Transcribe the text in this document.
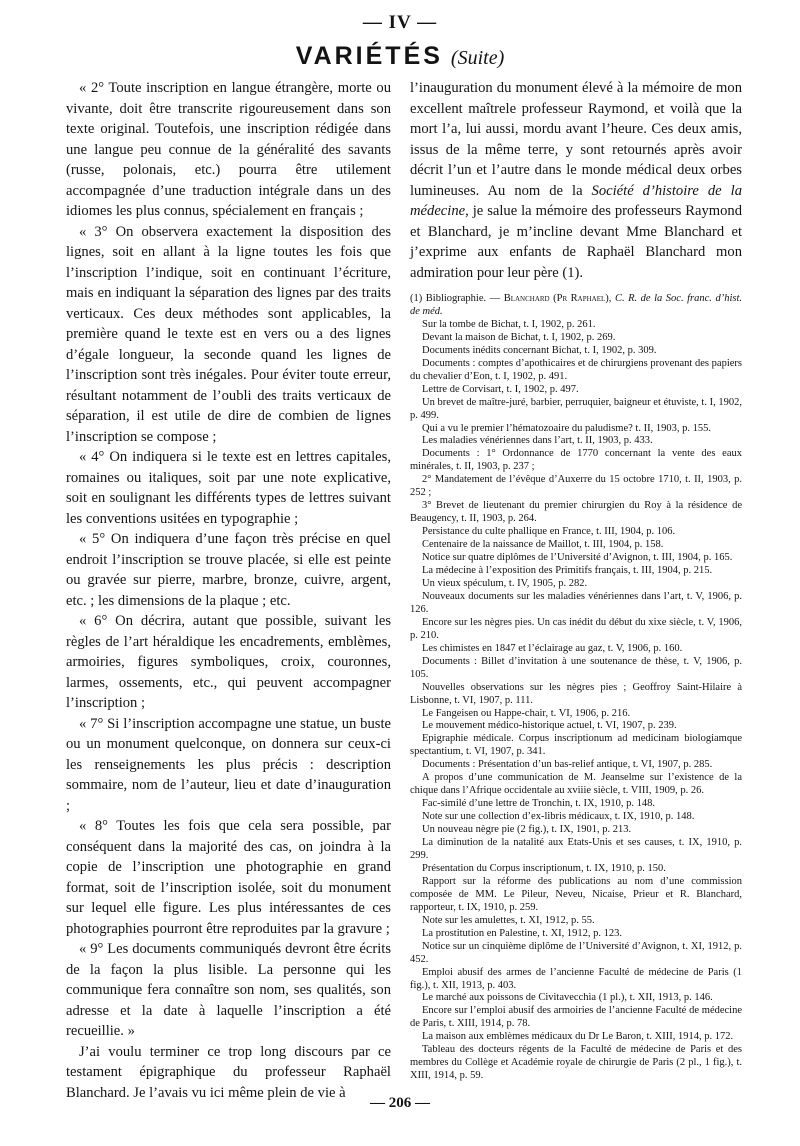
— IV —
VARIÉTÉS (Suite)

« 2° Toute inscription en langue étrangère, morte ou vivante, doit être transcrite rigoureusement dans son texte original. Toutefois, une inscription rédigée dans une langue peu connue de la généralité des savants (russe, polonais, etc.) pourra être utilement accompagnée d’une traduction intégrale dans un des idiomes les plus connus, spécialement en français ;

« 3° On observera exactement la disposition des lignes, soit en allant à la ligne toutes les fois que l’inscription l’indique, soit en continuant l’écriture, mais en indiquant la séparation des lignes par des traits verticaux. Ces deux méthodes sont applicables, la première quand le texte est en vers ou a des lignes d’égale longueur, la seconde quand les lignes de l’inscription sont très inégales. Pour éviter toute erreur, résultant notamment de l’oubli des traits verticaux de séparation, il est utile de dire de combien de lignes l’inscription se compose ;

« 4° On indiquera si le texte est en lettres capitales, romaines ou italiques, soit par une note explicative, soit en soulignant les différents types de lettres suivant les conventions usitées en typographie ;

« 5° On indiquera d’une façon très précise en quel endroit l’inscription se trouve placée, si elle est peinte ou gravée sur pierre, marbre, bronze, cuivre, argent, etc. ; les dimensions de la plaque ; etc.

« 6° On décrira, autant que possible, suivant les règles de l’art héraldique les encadrements, emblèmes, armoiries, figures symboliques, croix, couronnes, larmes, ossements, etc., qui peuvent accompagner l’inscription ;

« 7° Si l’inscription accompagne une statue, un buste ou un monument quelconque, on donnera sur ceux-ci les renseignements les plus précis : description sommaire, nom de l’auteur, lieu et date d’inauguration ;

« 8° Toutes les fois que cela sera possible, par conséquent dans la majorité des cas, on joindra à la copie de l’inscription une photographie en grand format, soit de l’inscription isolée, soit du monument sur lequel elle figure. Les plus intéressantes de ces photographies pourront être reproduites par la gravure ;

« 9° Les documents communiqués devront être écrits de la façon la plus lisible. La personne qui les communique fera connaître son nom, ses qualités, son adresse et la date à laquelle l’inscription a été recueillie. »

J’ai voulu terminer ce trop long discours par ce testament épigraphique du professeur Raphaël Blanchard. Je l’avais vu ici même plein de vie à

l’inauguration du monument élevé à la mémoire de mon excellent maîtrele professeur Raymond, et voilà que la mort l’a, lui aussi, mordu avant l’heure. Ces deux amis, issus de la même terre, y sont retournés après avoir décrit l’un et l’autre dans le monde médical deux orbes lumineuses. Au nom de la Société d’histoire de la médecine, je salue la mémoire des professeurs Raymond et Blanchard, je m’incline devant Mme Blanchard et j’exprime aux enfants de Raphaël Blanchard mon admiration pour leur père (1).

(1) Bibliographie. — Blanchard (Pr Raphael), C. R. de la Soc. franc. d’hist. de méd.
Sur la tombe de Bichat, t. I, 1902, p. 261.
Devant la maison de Bichat, t. I, 1902, p. 269.
Documents inédits concernant Bichat, t. I, 1902, p. 309.
Documents : comptes d’apothicaires et de chirurgiens provenant des papiers du chevalier d’Eon, t. I, 1902, p. 491.
Lettre de Corvisart, t. I, 1902, p. 497.
Un brevet de maître-juré, barbier, perruquier, baigneur et étuviste, t. I, 1902, p. 499.
Qui a vu le premier l’hématozoaire du paludisme? t. II, 1903, p. 155.
Les maladies vénériennes dans l’art, t. II, 1903, p. 433.
Documents : 1° Ordonnance de 1770 concernant la vente des eaux minérales, t. II, 1903, p. 237 ;
2° Mandatement de l’évêque d’Auxerre du 15 octobre 1710, t. II, 1903, p. 252 ;
3° Brevet de lieutenant du premier chirurgien du Roy à la résidence de Beaugency, t. II, 1903, p. 264.
Persistance du culte phallique en France, t. III, 1904, p. 106.
Centenaire de la naissance de Maillot, t. III, 1904, p. 158.
Notice sur quatre diplômes de l’Université d’Avignon, t. III, 1904, p. 165.
La médecine à l’exposition des Primitifs français, t. III, 1904, p. 215.
Un vieux spéculum, t. IV, 1905, p. 282.
Nouveaux documents sur les maladies vénériennes dans l’art, t. V, 1906, p. 126.
Encore sur les nègres pies. Un cas inédit du début du xixe siècle, t. V, 1906, p. 210.
Les chimistes en 1847 et l’éclairage au gaz, t. V, 1906, p. 160.
Documents : Billet d’invitation à une soutenance de thèse, t. V, 1906, p. 105.
Nouvelles observations sur les nègres pies ; Geoffroy Saint-Hilaire à Lisbonne, t. VI, 1907, p. 111.
Le Fangeisen ou Happe-chair, t. VI, 1906, p. 216.
Le mouvement médico-historique actuel, t. VI, 1907, p. 239.
Epigraphie médicale. Corpus inscriptionum ad medicinam biologiamque spectantium, t. VI, 1907, p. 341.
Documents : Présentation d’un bas-relief antique, t. VI, 1907, p. 285.
A propos d’une communication de M. Jeanselme sur l’existence de la chique dans l’Afrique occidentale au xviiie siècle, t. VIII, 1909, p. 26.
Fac-similé d’une lettre de Tronchin, t. IX, 1910, p. 148.
Note sur une collection d’ex-libris médicaux, t. IX, 1910, p. 148.
Un nouveau nègre pie (2 fig.), t. IX, 1901, p. 213.
La diminution de la natalité aux Etats-Unis et ses causes, t. IX, 1910, p. 299.
Présentation du Corpus inscriptionum, t. IX, 1910, p. 150.
Rapport sur la réforme des publications au nom d’une commission composée de MM. Le Pileur, Neveu, Nicaise, Prieur et R. Blanchard, rapporteur, t. IX, 1910, p. 259.
Note sur les amulettes, t. XI, 1912, p. 55.
La prostitution en Palestine, t. XI, 1912, p. 123.
Notice sur un cinquième diplôme de l’Université d’Avignon, t. XI, 1912, p. 452.
Emploi abusif des armes de l’ancienne Faculté de médecine de Paris (1 fig.), t. XII, 1913, p. 403.
Le marché aux poissons de Civitavecchia (1 pl.), t. XII, 1913, p. 146.
Encore sur l’emploi abusif des armoiries de l’ancienne Faculté de médecine de Paris, t. XIII, 1914, p. 78.
La maison aux emblèmes médicaux du Dr Le Baron, t. XIII, 1914, p. 172.
Tableau des docteurs régents de la Faculté de médecine de Paris et des membres du Collège et Académie royale de chirurgie de Paris (2 pl., 1 fig.), t. XIII, 1914, p. 59.
— 206 —
